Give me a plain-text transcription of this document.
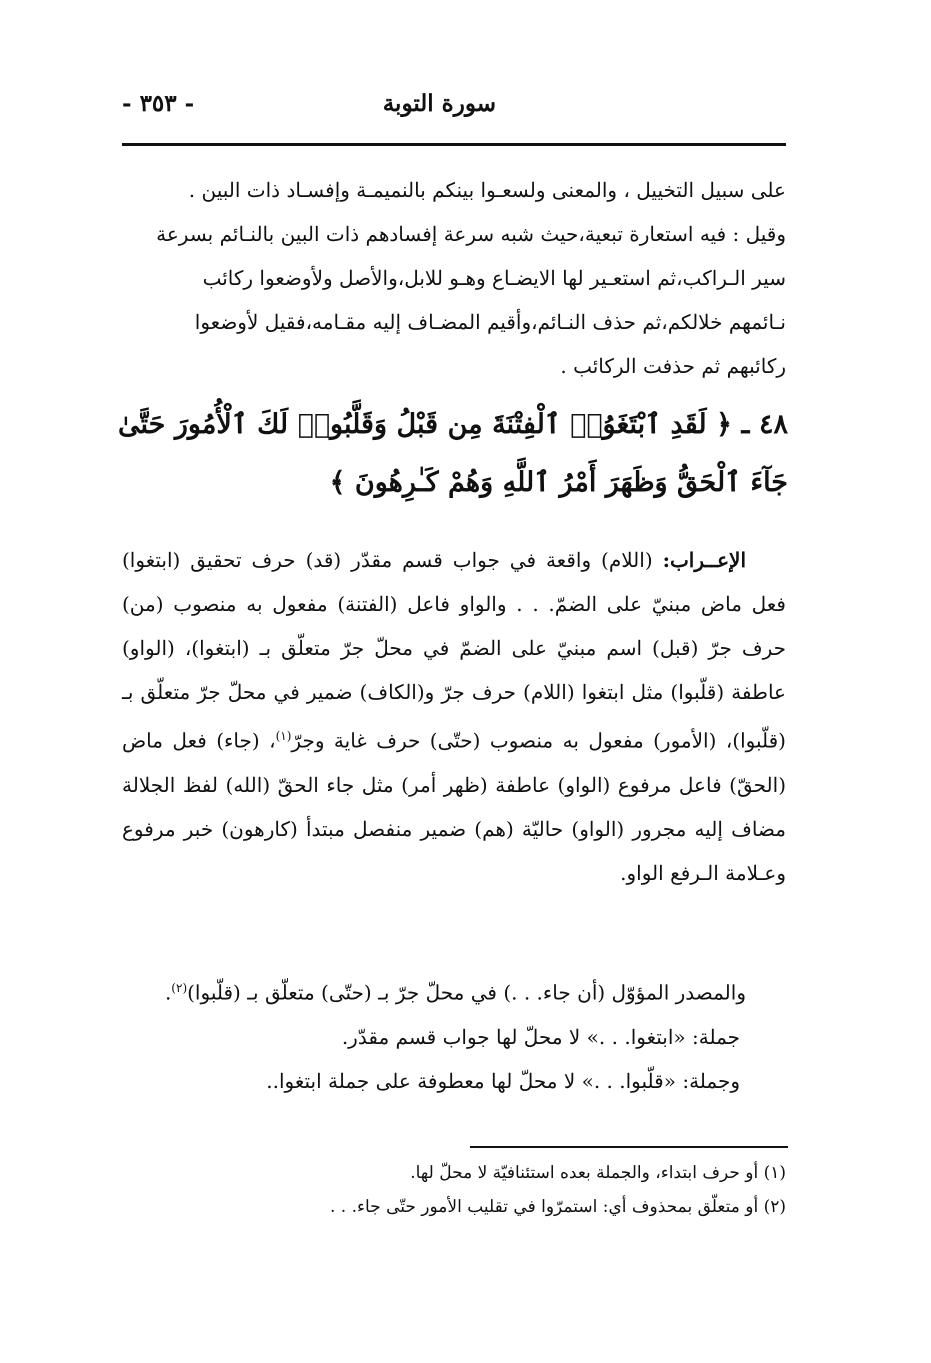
سورة التوبة
- ٣٥٣ -

على سبيل التخييل ، والمعنى ولسعـوا بينكم بالنميمـة وإفسـاد ذات البين .

وقيل : فيه استعارة تبعية،حيث شبه سرعة إفسادهم ذات البين بالنـائم بسرعة

سير الـراكب،ثم استعـير لها الايضـاع وهـو للابل،والأصل ولأوضعوا ركائب

نـائمهم خلالكم،ثم حذف النـائم،وأقيم المضـاف إليه مقـامه،فقيل لأوضعوا

ركائبهم ثم حذفت الركائب .

٤٨ ـ ﴿ لَقَدِ ٱبْتَغَوُا۟ ٱلْفِتْنَةَ مِن قَبْلُ وَقَلَّبُوا۟ لَكَ ٱلْأُمُورَ حَتَّىٰ جَآءَ ٱلْحَقُّ وَظَهَرَ أَمْرُ ٱللَّهِ وَهُمْ كَـٰرِهُونَ ﴾

الإعــراب: (اللام) واقعة في جواب قسم مقدّر (قد) حرف تحقيق (ابتغوا) فعل ماض مبنيّ على الضمّ. . . والواو فاعل (الفتنة) مفعول به منصوب (من) حرف جرّ (قبل) اسم مبنيّ على الضمّ في محلّ جرّ متعلّق بـ (ابتغوا)، (الواو) عاطفة (قلّبوا) مثل ابتغوا (اللام) حرف جرّ و(الكاف) ضمير في محلّ جرّ متعلّق بـ (قلّبوا)، (الأمور) مفعول به منصوب (حتّى) حرف غاية وجرّ$^{(١)}$، (جاء) فعل ماض (الحقّ) فاعل مرفوع (الواو) عاطفة (ظهر أمر) مثل جاء الحقّ (الله) لفظ الجلالة مضاف إليه مجرور (الواو) حاليّة (هم) ضمير منفصل مبتدأ (كارهون) خبر مرفوع وعـلامة الـرفع الواو.

والمصدر المؤوّل (أن جاء. . .) في محلّ جرّ بـ (حتّى) متعلّق بـ (قلّبوا)$^{(٢)}$.

جملة: «ابتغوا. . .» لا محلّ لها جواب قسم مقدّر.

وجملة: «قلّبوا. . .» لا محلّ لها معطوفة على جملة ابتغوا..

(١) أو حرف ابتداء، والجملة بعده استئنافيّة لا محلّ لها.

(٢) أو متعلّق بمحذوف أي: استمرّوا في تقليب الأمور حتّى جاء. . .
